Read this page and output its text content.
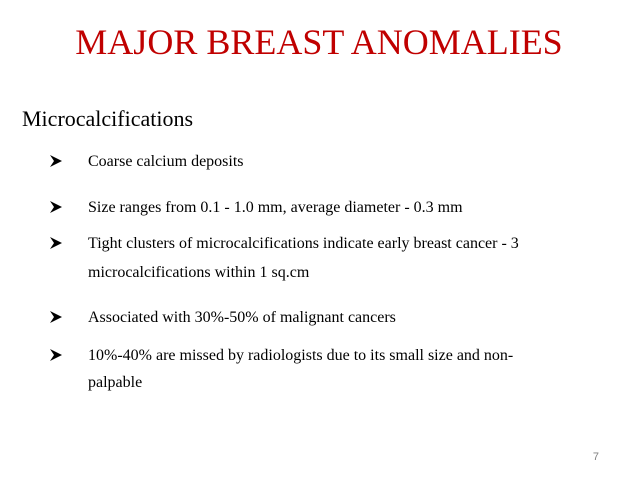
MAJOR BREAST ANOMALIES
Microcalcifications
Coarse calcium deposits
Size ranges from 0.1 - 1.0 mm, average diameter - 0.3 mm
Tight clusters of microcalcifications indicate early breast cancer - 3
microcalcifications within 1 sq.cm
Associated with 30%-50% of malignant cancers
10%-40% are missed by radiologists due to its small size and non-
palpable
7
